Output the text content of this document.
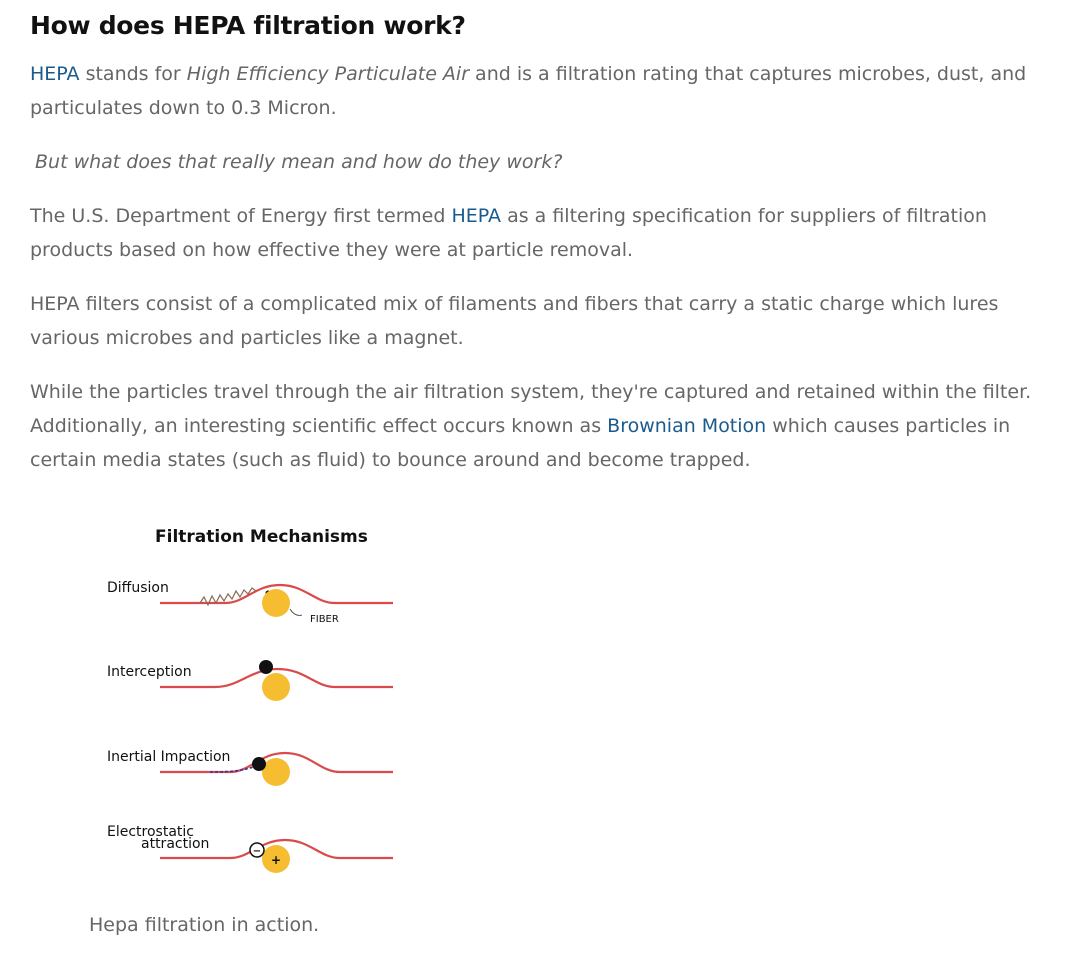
How does HEPA filtration work?

HEPA stands for High Efficiency Particulate Air and is a filtration rating that captures microbes, dust, and particulates down to 0.3 Micron.

But what does that really mean and how do they work?

The U.S. Department of Energy first termed HEPA as a filtering specification for suppliers of filtration products based on how effective they were at particle removal.

HEPA filters consist of a complicated mix of filaments and fibers that carry a static charge which lures various microbes and particles like a magnet.

While the particles travel through the air filtration system, they're captured and retained within the filter. Additionally, an interesting scientific effect occurs known as Brownian Motion which causes particles in certain media states (such as fluid) to bounce around and become trapped.

Filtration Mechanisms
Diffusion
FIBER
Interception
Inertial Impaction
Electrostatic
attraction
+
−

Hepa filtration in action.
